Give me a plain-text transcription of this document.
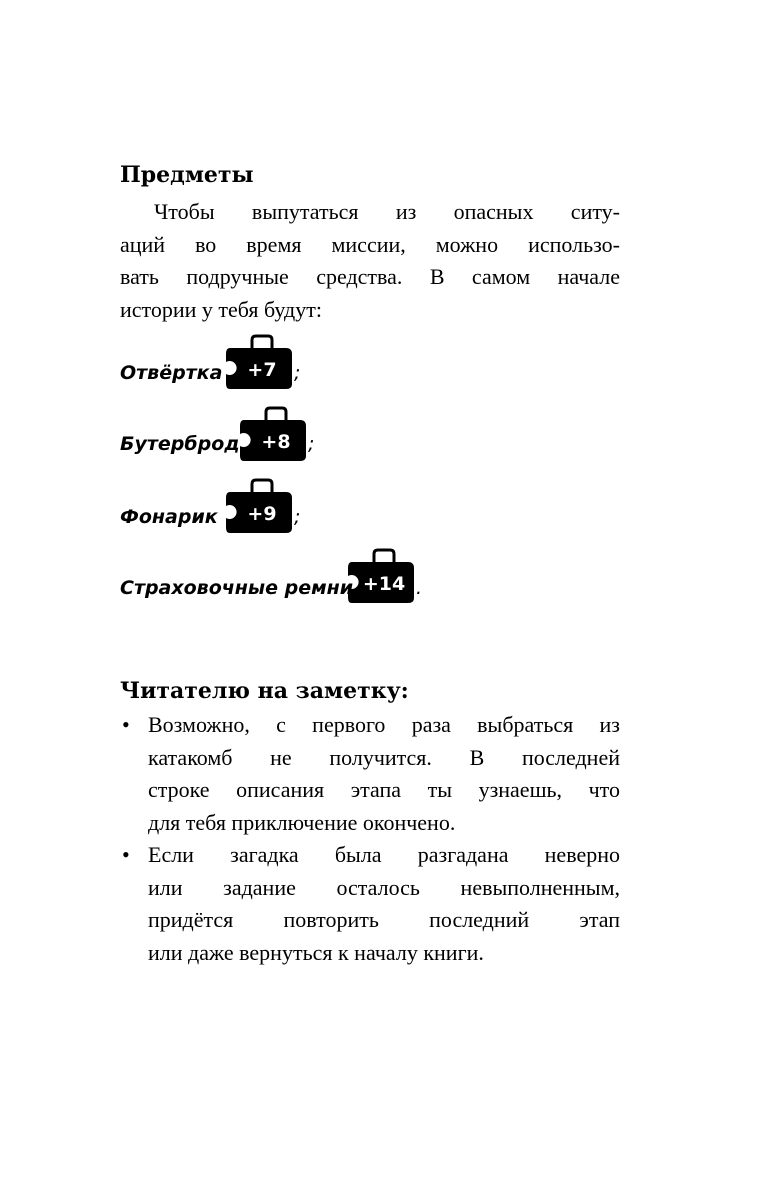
Предметы

Чтобы выпутаться из опасных ситу-
аций во время миссии, можно использо-
вать подручные средства. В самом начале
истории у тебя будут:

Отвёртка +7 ;
Бутерброд +8 ;
Фонарик +9 ;
Страховочные ремни +14 .
Читателю на заметку:
• Возможно, с первого раза выбраться из
катакомб не получится. В последней
строке описания этапа ты узнаешь, что
для тебя приключение окончено.
• Если загадка была разгадана неверно
или задание осталось невыполненным,
придётся повторить последний этап
или даже вернуться к началу книги.
